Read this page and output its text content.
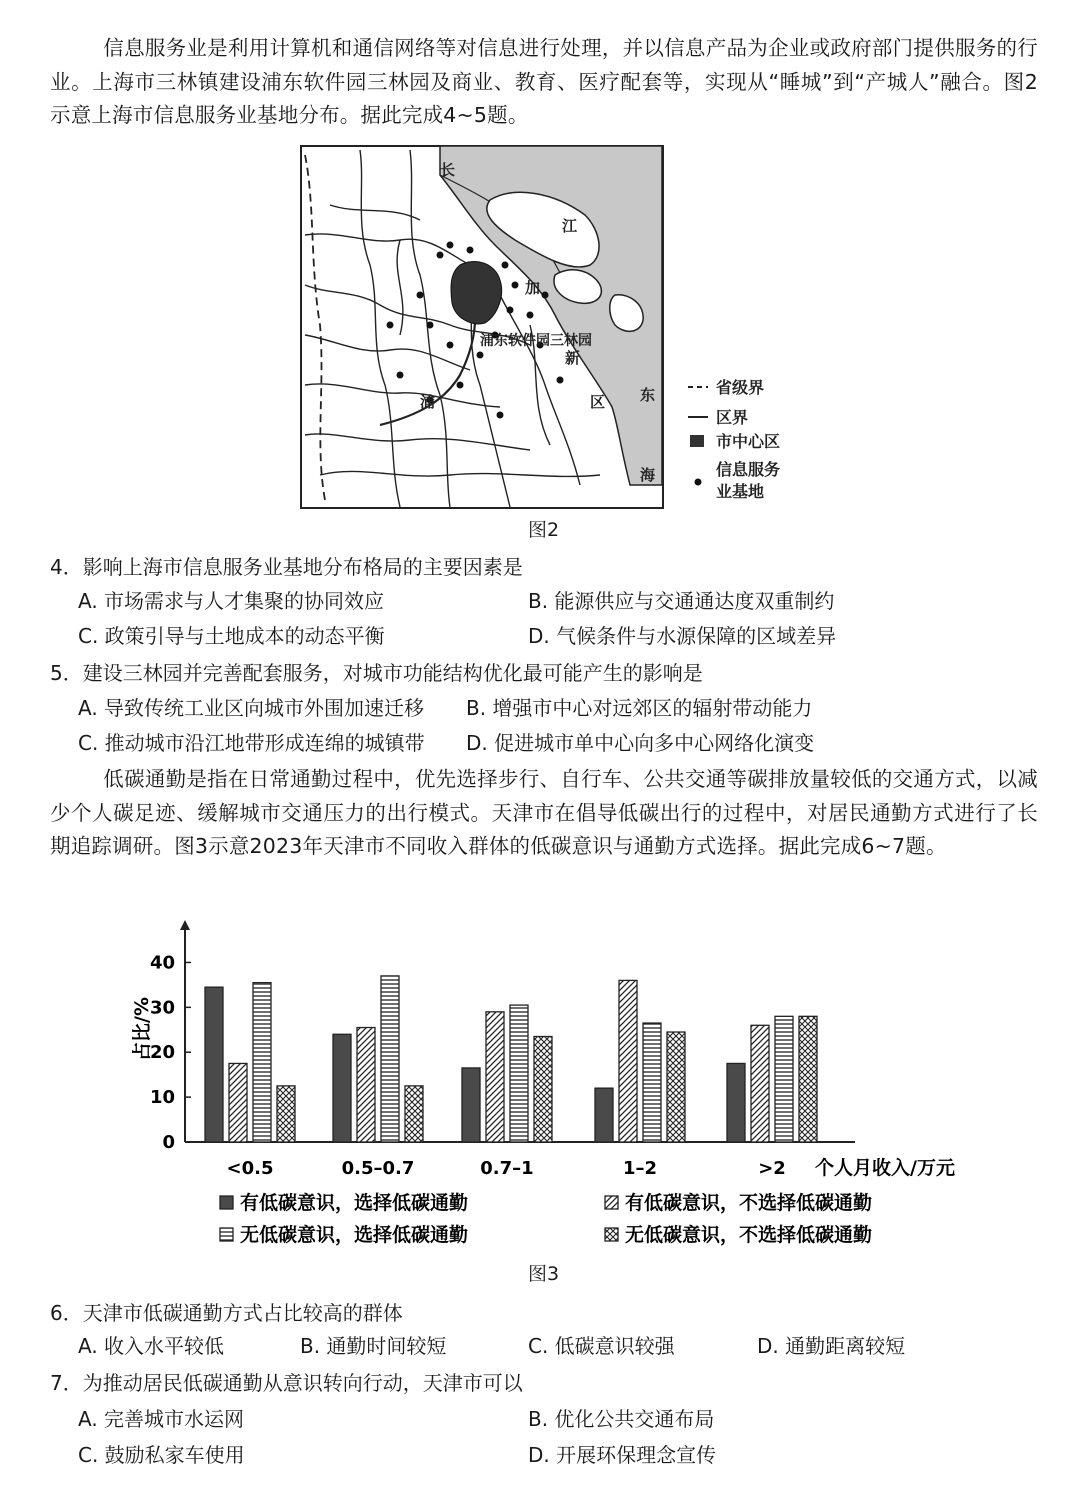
信息服务业是利用计算机和通信网络等对信息进行处理，并以信息产品为企业或政府部门提供服务的行业。上海市三林镇建设浦东软件园三林园及商业、教育、医疗配套等，实现从“睡城”到“产城人”融合。图2示意上海市信息服务业基地分布。据此完成4~5题。

长
江
加
浦东软件园三林园
新
区 东
海
浦
省级界
区界
市中心区
信息服务
业基地
图2
4．影响上海市信息服务业基地分布格局的主要因素是
A. 市场需求与人才集聚的协同效应	B. 能源供应与交通通达度双重制约
C. 政策引导与土地成本的动态平衡	D. 气候条件与水源保障的区域差异
5．建设三林园并完善配套服务，对城市功能结构优化最可能产生的影响是
A. 导致传统工业区向城市外围加速迁移 B. 增强市中心对远郊区的辐射带动能力
C. 推动城市沿江地带形成连绵的城镇带 D. 促进城市单中心向多中心网络化演变

低碳通勤是指在日常通勤过程中，优先选择步行、自行车、公共交通等碳排放量较低的交通方式，以减少个人碳足迹、缓解城市交通压力的出行模式。天津市在倡导低碳出行的过程中，对居民通勤方式进行了长期追踪调研。图3示意2023年天津市不同收入群体的低碳意识与通勤方式选择。据此完成6~7题。

0
10
20
30
40
占比/%
<0.5	0.5–0.7	0.7–1	1–2	>2 个人月收入/万元
有低碳意识，选择低碳通勤	有低碳意识，不选择低碳通勤
无低碳意识，选择低碳通勤	无低碳意识，不选择低碳通勤
图3
6．天津市低碳通勤方式占比较高的群体
A. 收入水平较低	B. 通勤时间较短	C. 低碳意识较强	D. 通勤距离较短
7．为推动居民低碳通勤从意识转向行动，天津市可以
A. 完善城市水运网	B. 优化公共交通布局
C. 鼓励私家车使用	D. 开展环保理念宣传
